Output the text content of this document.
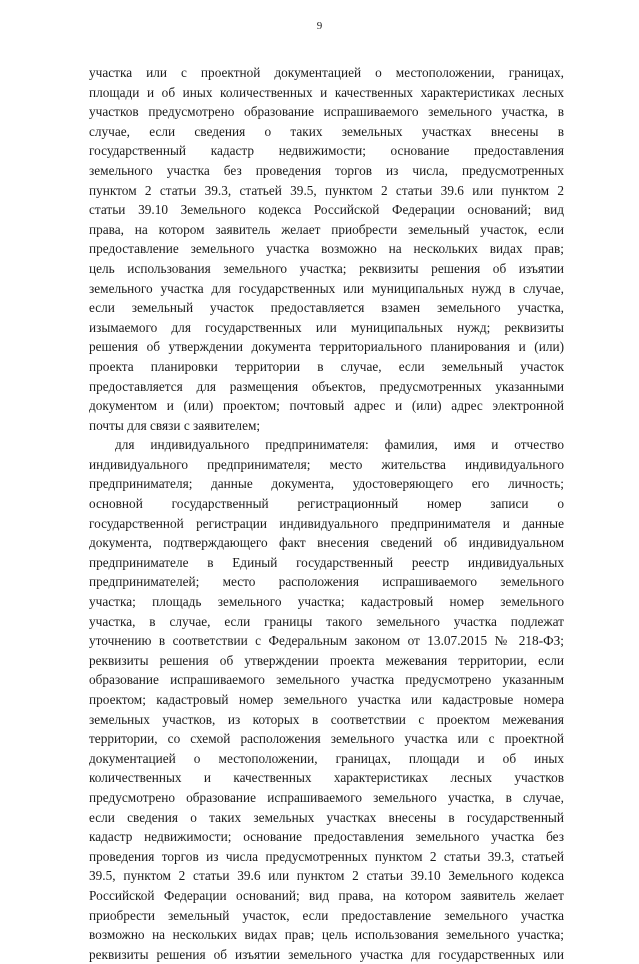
9
участка или с проектной документацией о местоположении, границах,
площади и об иных количественных и качественных характеристиках лесных
участков предусмотрено образование испрашиваемого земельного участка, в
случае, если сведения о таких земельных участках внесены в
государственный кадастр недвижимости; основание предоставления
земельного участка без проведения торгов из числа, предусмотренных
пунктом 2 статьи 39.3, статьей 39.5, пунктом 2 статьи 39.6 или пунктом 2
статьи 39.10 Земельного кодекса Российской Федерации оснований; вид
права, на котором заявитель желает приобрести земельный участок, если
предоставление земельного участка возможно на нескольких видах прав;
цель использования земельного участка; реквизиты решения об изъятии
земельного участка для государственных или муниципальных нужд в случае,
если земельный участок предоставляется взамен земельного участка,
изымаемого для государственных или муниципальных нужд; реквизиты
решения об утверждении документа территориального планирования и (или)
проекта планировки территории в случае, если земельный участок
предоставляется для размещения объектов, предусмотренных указанными
документом и (или) проектом; почтовый адрес и (или) адрес электронной
почты для связи с заявителем;
для индивидуального предпринимателя: фамилия, имя и отчество
индивидуального предпринимателя; место жительства индивидуального
предпринимателя; данные документа, удостоверяющего его личность;
основной государственный регистрационный номер записи о
государственной регистрации индивидуального предпринимателя и данные
документа, подтверждающего факт внесения сведений об индивидуальном
предпринимателе в Единый государственный реестр индивидуальных
предпринимателей; место расположения испрашиваемого земельного
участка; площадь земельного участка; кадастровый номер земельного
участка, в случае, если границы такого земельного участка подлежат
уточнению в соответствии с Федеральным законом от 13.07.2015 № 218-ФЗ;
реквизиты решения об утверждении проекта межевания территории, если
образование испрашиваемого земельного участка предусмотрено указанным
проектом; кадастровый номер земельного участка или кадастровые номера
земельных участков, из которых в соответствии с проектом межевания
территории, со схемой расположения земельного участка или с проектной
документацией о местоположении, границах, площади и об иных
количественных и качественных характеристиках лесных участков
предусмотрено образование испрашиваемого земельного участка, в случае,
если сведения о таких земельных участках внесены в государственный
кадастр недвижимости; основание предоставления земельного участка без
проведения торгов из числа предусмотренных пунктом 2 статьи 39.3, статьей
39.5, пунктом 2 статьи 39.6 или пунктом 2 статьи 39.10 Земельного кодекса
Российской Федерации оснований; вид права, на котором заявитель желает
приобрести земельный участок, если предоставление земельного участка
возможно на нескольких видах прав; цель использования земельного участка;
реквизиты решения об изъятии земельного участка для государственных или
